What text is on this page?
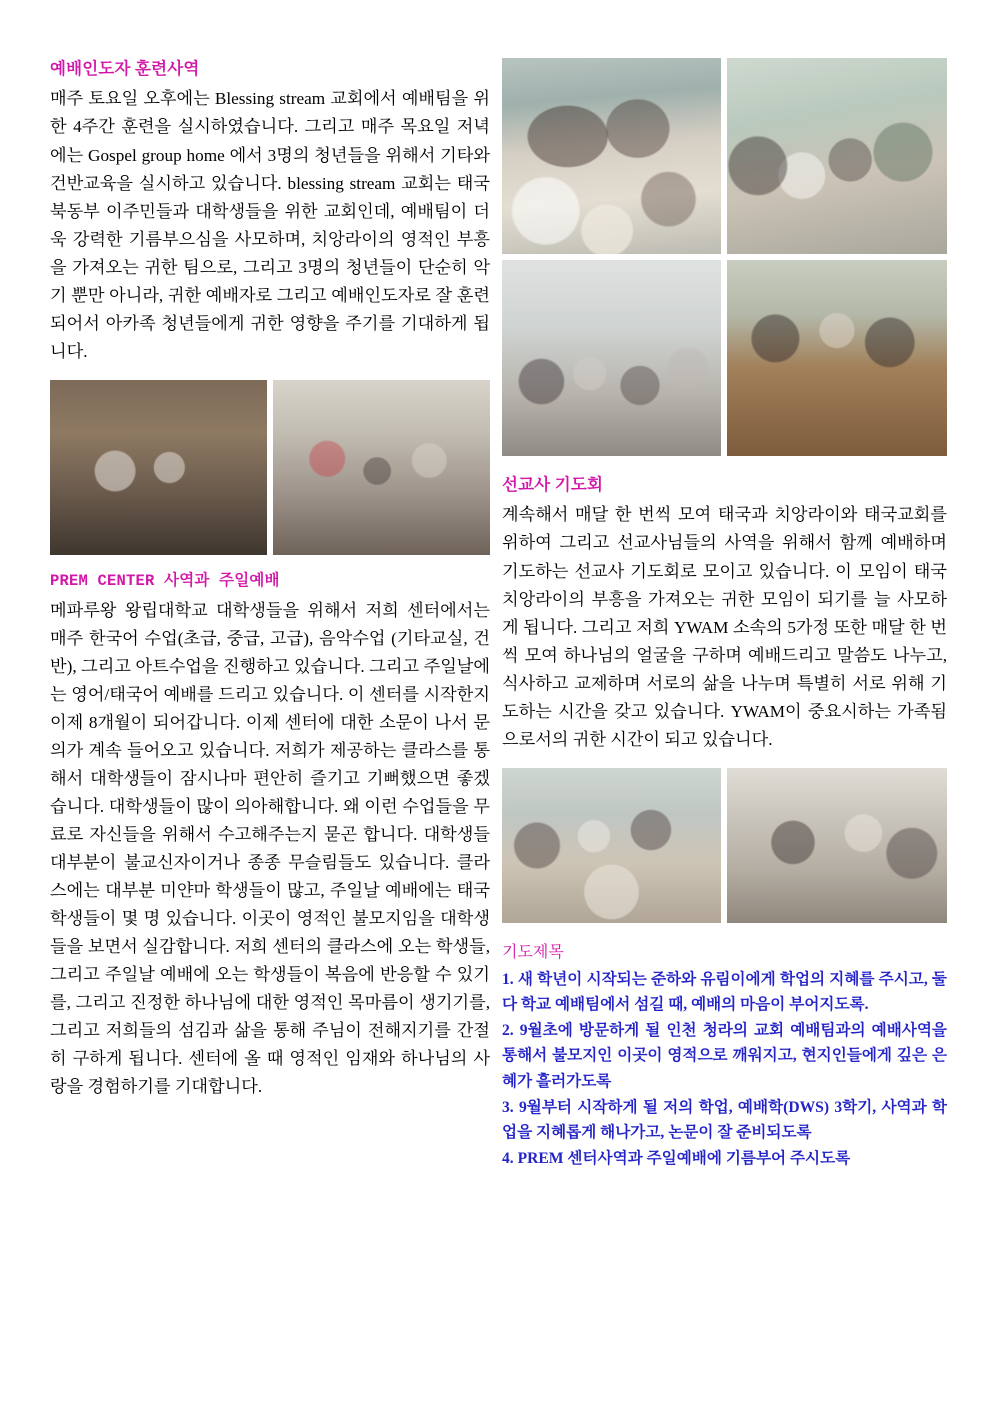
예배인도자 훈련사역

매주 토요일 오후에는 Blessing stream 교회에서 예배팀을 위한 4주간 훈련을 실시하였습니다. 그리고 매주 목요일 저녁에는 Gospel group home 에서 3명의 청년들을 위해서 기타와 건반교육을 실시하고 있습니다. blessing stream 교회는 태국북동부 이주민들과 대학생들을 위한 교회인데, 예배팀이 더욱 강력한 기름부으심을 사모하며, 치앙라이의 영적인 부흥을 가져오는 귀한 팀으로, 그리고 3명의 청년들이 단순히 악기 뿐만 아니라, 귀한 예배자로 그리고 예배인도자로 잘 훈련되어서 아카족 청년들에게 귀한 영향을 주기를 기대하게 됩니다.

PREM CENTER 사역과 주일예배

메파루왕 왕립대학교 대학생들을 위해서 저희 센터에서는 매주 한국어 수업(초급, 중급, 고급), 음악수업 (기타교실, 건반), 그리고 아트수업을 진행하고 있습니다. 그리고 주일날에는 영어/태국어 예배를 드리고 있습니다. 이 센터를 시작한지 이제 8개월이 되어갑니다. 이제 센터에 대한 소문이 나서 문의가 계속 들어오고 있습니다. 저희가 제공하는 클라스를 통해서 대학생들이 잠시나마 편안히 즐기고 기뻐했으면 좋겠습니다. 대학생들이 많이 의아해합니다. 왜 이런 수업들을 무료로 자신들을 위해서 수고해주는지 묻곤 합니다. 대학생들 대부분이 불교신자이거나 종종 무슬림들도 있습니다. 클라스에는 대부분 미얀마 학생들이 많고, 주일날 예배에는 태국 학생들이 몇 명 있습니다. 이곳이 영적인 불모지임을 대학생들을 보면서 실감합니다. 저희 센터의 클라스에 오는 학생들, 그리고 주일날 예배에 오는 학생들이 복음에 반응할 수 있기를, 그리고 진정한 하나님에 대한 영적인 목마름이 생기기를, 그리고 저희들의 섬김과 삶을 통해 주님이 전해지기를 간절히 구하게 됩니다. 센터에 올 때 영적인 임재와 하나님의 사랑을 경험하기를 기대합니다.

선교사 기도회

계속해서 매달 한 번씩 모여 태국과 치앙라이와 태국교회를 위하여 그리고 선교사님들의 사역을 위해서 함께 예배하며 기도하는 선교사 기도회로 모이고 있습니다. 이 모임이 태국 치앙라이의 부흥을 가져오는 귀한 모임이 되기를 늘 사모하게 됩니다. 그리고 저희 YWAM 소속의 5가정 또한 매달 한 번씩 모여 하나님의 얼굴을 구하며 예배드리고 말씀도 나누고, 식사하고 교제하며 서로의 삶을 나누며 특별히 서로 위해 기도하는 시간을 갖고 있습니다. YWAM이 중요시하는 가족됨으로서의 귀한 시간이 되고 있습니다.

기도제목
1. 새 학년이 시작되는 준하와 유림이에게 학업의 지혜를 주시고, 둘 다 학교 예배팀에서 섬길 때, 예배의 마음이 부어지도록.
2. 9월초에 방문하게 될 인천 청라의 교회 예배팀과의 예배사역을 통해서 불모지인 이곳이 영적으로 깨워지고, 현지인들에게 깊은 은혜가 흘러가도록
3. 9월부터 시작하게 될 저의 학업, 예배학(DWS) 3학기, 사역과 학업을 지혜롭게 해나가고, 논문이 잘 준비되도록
4. PREM 센터사역과 주일예배에 기름부어 주시도록
